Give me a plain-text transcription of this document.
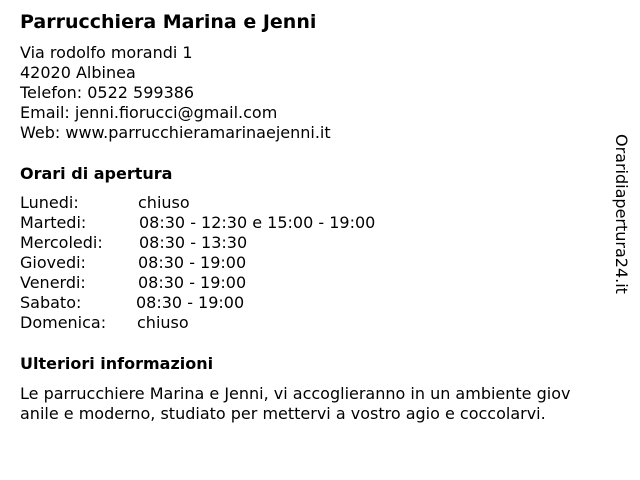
Parrucchiera Marina e Jenni
Via rodolfo morandi 1
42020 Albinea
Telefon: 0522 599386
Email: jenni.fiorucci@gmail.com
Web: www.parrucchieramarinaejenni.it
Orari di apertura
Lunedi:	chiuso
Martedi:	08:30 - 12:30 e 15:00 - 19:00
Mercoledi: 08:30 - 13:30
Giovedi:	08:30 - 19:00
Venerdi:	08:30 - 19:00
Sabato:	08:30 - 19:00
Domenica: chiuso
Ulteriori informazioni
Le parrucchiere Marina e Jenni, vi accoglieranno in un ambiente giov
anile e moderno, studiato per mettervi a vostro agio e coccolarvi.
Oraridiapertura24.it
